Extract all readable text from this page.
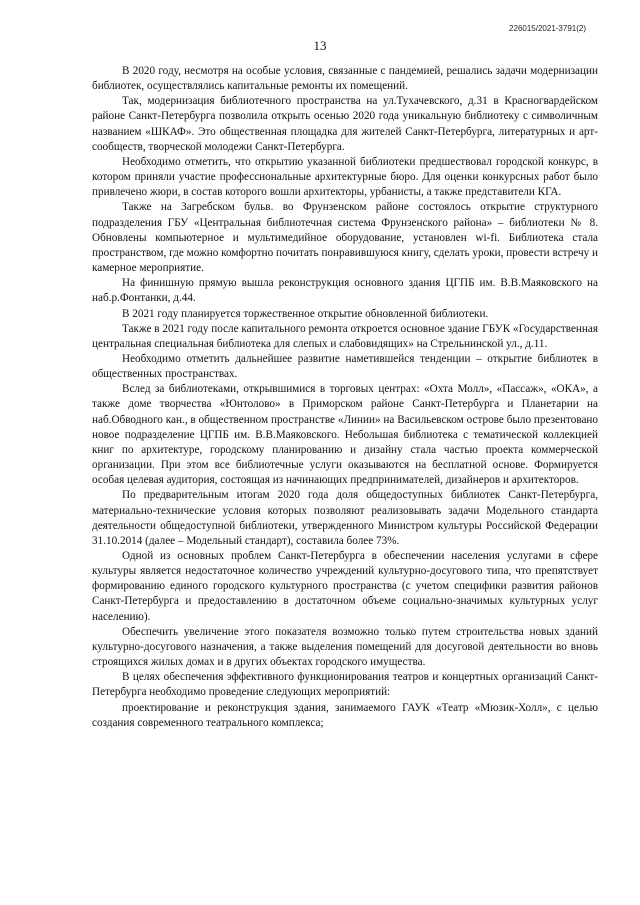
226015/2021-3791(2)
13

В 2020 году, несмотря на особые условия, связанные с пандемией, решались задачи модернизации библиотек, осуществлялись капитальные ремонты их помещений.

Так, модернизация библиотечного пространства на ул.Тухачевского, д.31 в Красногвардейском районе Санкт-Петербурга позволила открыть осенью 2020 года уникальную библиотеку с символичным названием «ШКАФ». Это общественная площадка для жителей Санкт-Петербурга, литературных и арт-сообществ, творческой молодежи Санкт-Петербурга.

Необходимо отметить, что открытию указанной библиотеки предшествовал городской конкурс, в котором приняли участие профессиональные архитектурные бюро. Для оценки конкурсных работ было привлечено жюри, в состав которого вошли архитекторы, урбанисты, а также представители КГА.

Также на Загребском бульв. во Фрунзенском районе состоялось открытие структурного подразделения ГБУ «Центральная библиотечная система Фрунзенского района» – библиотеки № 8. Обновлены компьютерное и мультимедийное оборудование, установлен wi-fi. Библиотека стала пространством, где можно комфортно почитать понравившуюся книгу, сделать уроки, провести встречу и камерное мероприятие.

На финишную прямую вышла реконструкция основного здания ЦГПБ им. В.В.Маяковского на наб.р.Фонтанки, д.44.

В 2021 году планируется торжественное открытие обновленной библиотеки.

Также в 2021 году после капитального ремонта откроется основное здание ГБУК «Государственная центральная специальная библиотека для слепых и слабовидящих» на Стрельнинской ул., д.11.

Необходимо отметить дальнейшее развитие наметившейся тенденции – открытие библиотек в общественных пространствах.

Вслед за библиотеками, открывшимися в торговых центрах: «Охта Молл», «Пассаж», «ОКА», а также доме творчества «Юнтолово» в Приморском районе Санкт-Петербурга и Планетарии на наб.Обводного кан., в общественном пространстве «Линии» на Васильевском острове было презентовано новое подразделение ЦГПБ им. В.В.Маяковского. Небольшая библиотека с тематической коллекцией книг по архитектуре, городскому планированию и дизайну стала частью проекта коммерческой организации. При этом все библиотечные услуги оказываются на бесплатной основе. Формируется особая целевая аудитория, состоящая из начинающих предпринимателей, дизайнеров и архитекторов.

По предварительным итогам 2020 года доля общедоступных библиотек Санкт-Петербурга, материально-технические условия которых позволяют реализовывать задачи Модельного стандарта деятельности общедоступной библиотеки, утвержденного Министром культуры Российской Федерации 31.10.2014 (далее – Модельный стандарт), составила более 73%.

Одной из основных проблем Санкт-Петербурга в обеспечении населения услугами в сфере культуры является недостаточное количество учреждений культурно-досугового типа, что препятствует формированию единого городского культурного пространства (с учетом специфики развития районов Санкт-Петербурга и предоставлению в достаточном объеме социально-значимых культурных услуг населению).

Обеспечить увеличение этого показателя возможно только путем строительства новых зданий культурно-досугового назначения, а также выделения помещений для досуговой деятельности во вновь строящихся жилых домах и в других объектах городского имущества.

В целях обеспечения эффективного функционирования театров и концертных организаций Санкт-Петербурга необходимо проведение следующих мероприятий:

проектирование и реконструкция здания, занимаемого ГАУК «Театр «Мюзик-Холл», с целью создания современного театрального комплекса;
